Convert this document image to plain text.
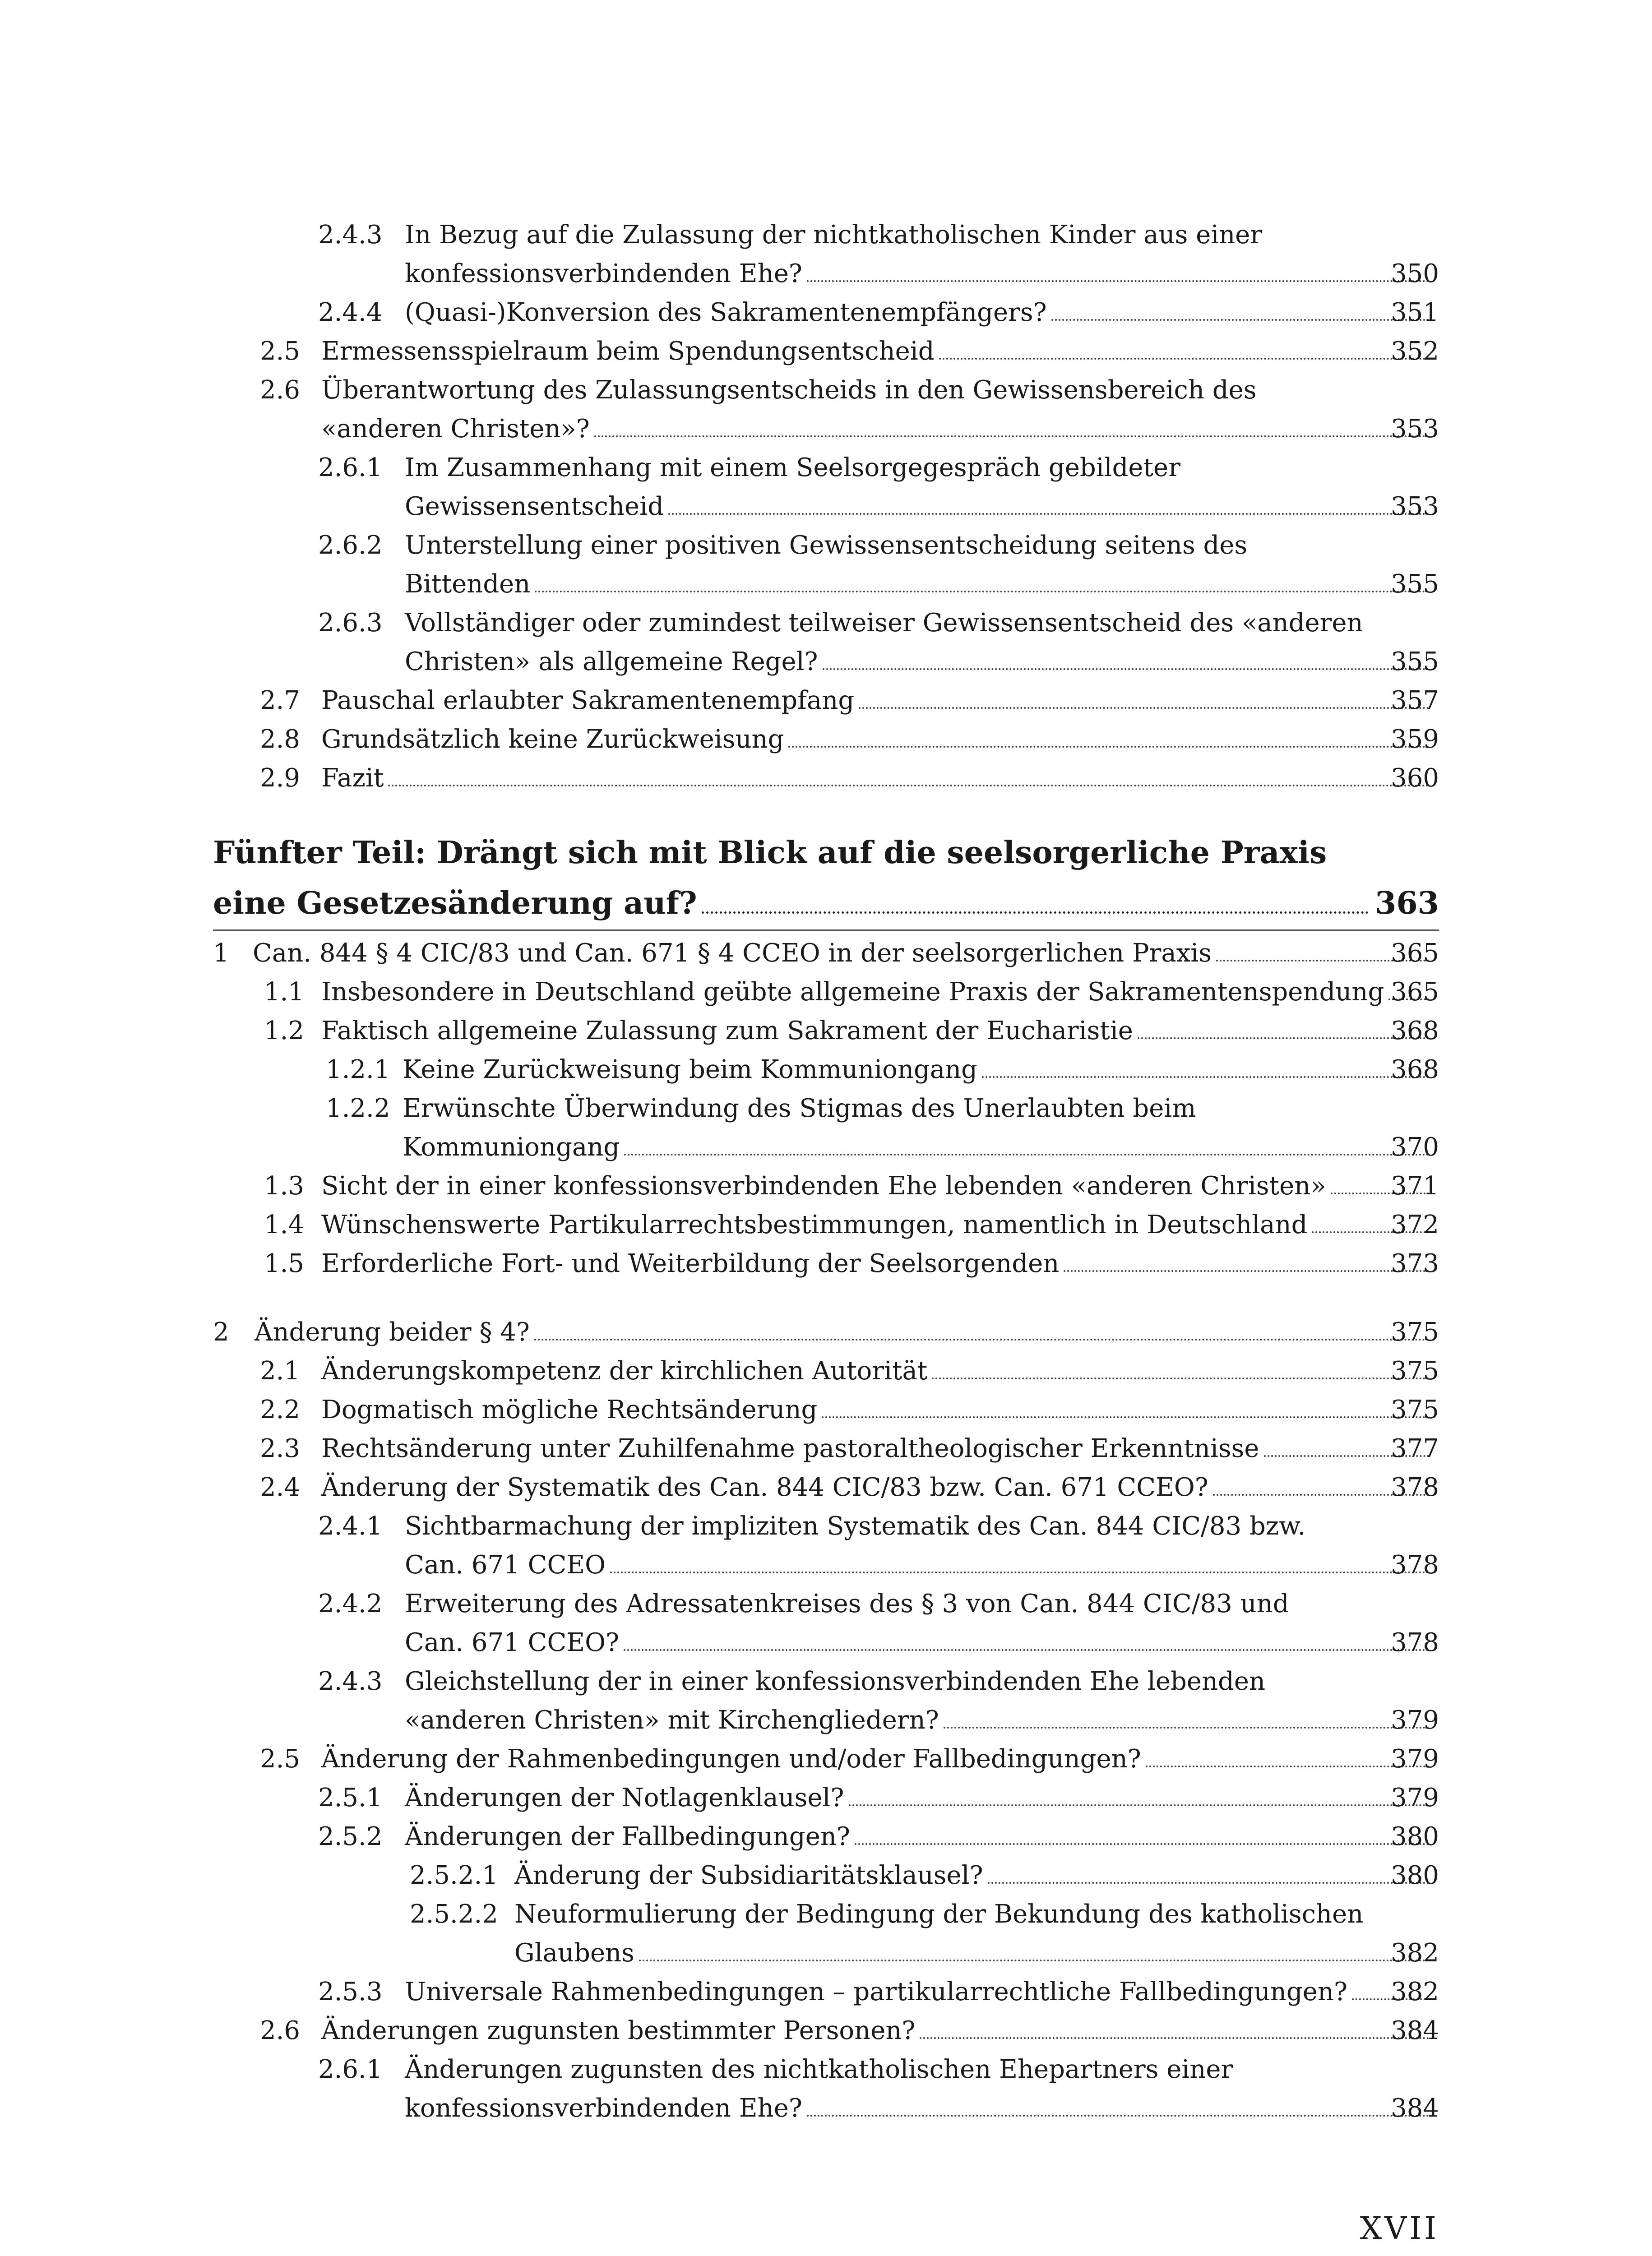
2.4.3 In Bezug auf die Zulassung der nichtkatholischen Kinder aus einer
konfessionsverbindenden Ehe?	350
2.4.4 (Quasi-)Konversion des Sakramentenempfängers?	351
2.5 Ermessensspielraum beim Spendungsentscheid	352
2.6 Überantwortung des Zulassungsentscheids in den Gewissensbereich des
«anderen Christen»?	353
2.6.1 Im Zusammenhang mit einem Seelsorgegespräch gebildeter
Gewissensentscheid	353
2.6.2 Unterstellung einer positiven Gewissensentscheidung seitens des
Bittenden	355
2.6.3 Vollständiger oder zumindest teilweiser Gewissensentscheid des «anderen
Christen» als allgemeine Regel?	355
2.7 Pauschal erlaubter Sakramentenempfang	357
2.8 Grundsätzlich keine Zurückweisung	359
2.9 Fazit	360
Fünfter Teil: Drängt sich mit Blick auf die seelsorgerliche Praxis
eine Gesetzesänderung auf?	363
1 Can. 844 § 4 CIC/83 und Can. 671 § 4 CCEO in der seelsorgerlichen Praxis	365
1.1 Insbesondere in Deutschland geübte allgemeine Praxis der Sakramentenspendung 365
1.2 Faktisch allgemeine Zulassung zum Sakrament der Eucharistie	368
1.2.1 Keine Zurückweisung beim Kommuniongang	368
1.2.2 Erwünschte Überwindung des Stigmas des Unerlaubten beim
Kommuniongang	370
1.3 Sicht der in einer konfessionsverbindenden Ehe lebenden «anderen Christen»	371
1.4 Wünschenswerte Partikularrechtsbestimmungen, namentlich in Deutschland	372
1.5 Erforderliche Fort- und Weiterbildung der Seelsorgenden	373
2 Änderung beider § 4?	375
2.1 Änderungskompetenz der kirchlichen Autorität	375
2.2 Dogmatisch mögliche Rechtsänderung	375
2.3 Rechtsänderung unter Zuhilfenahme pastoraltheologischer Erkenntnisse	377
2.4 Änderung der Systematik des Can. 844 CIC/83 bzw. Can. 671 CCEO?	378
2.4.1 Sichtbarmachung der impliziten Systematik des Can. 844 CIC/83 bzw.
Can. 671 CCEO	378
2.4.2 Erweiterung des Adressatenkreises des § 3 von Can. 844 CIC/83 und
Can. 671 CCEO?	378
2.4.3 Gleichstellung der in einer konfessionsverbindenden Ehe lebenden
«anderen Christen» mit Kirchengliedern?	379
2.5 Änderung der Rahmenbedingungen und/oder Fallbedingungen?	379
2.5.1 Änderungen der Notlagenklausel?	379
2.5.2 Änderungen der Fallbedingungen?	380
2.5.2.1 Änderung der Subsidiaritätsklausel?	380
2.5.2.2 Neuformulierung der Bedingung der Bekundung des katholischen
Glaubens	382
2.5.3 Universale Rahmenbedingungen – partikularrechtliche Fallbedingungen? 382
2.6 Änderungen zugunsten bestimmter Personen?	384
2.6.1 Änderungen zugunsten des nichtkatholischen Ehepartners einer
konfessionsverbindenden Ehe?	384
XVII
